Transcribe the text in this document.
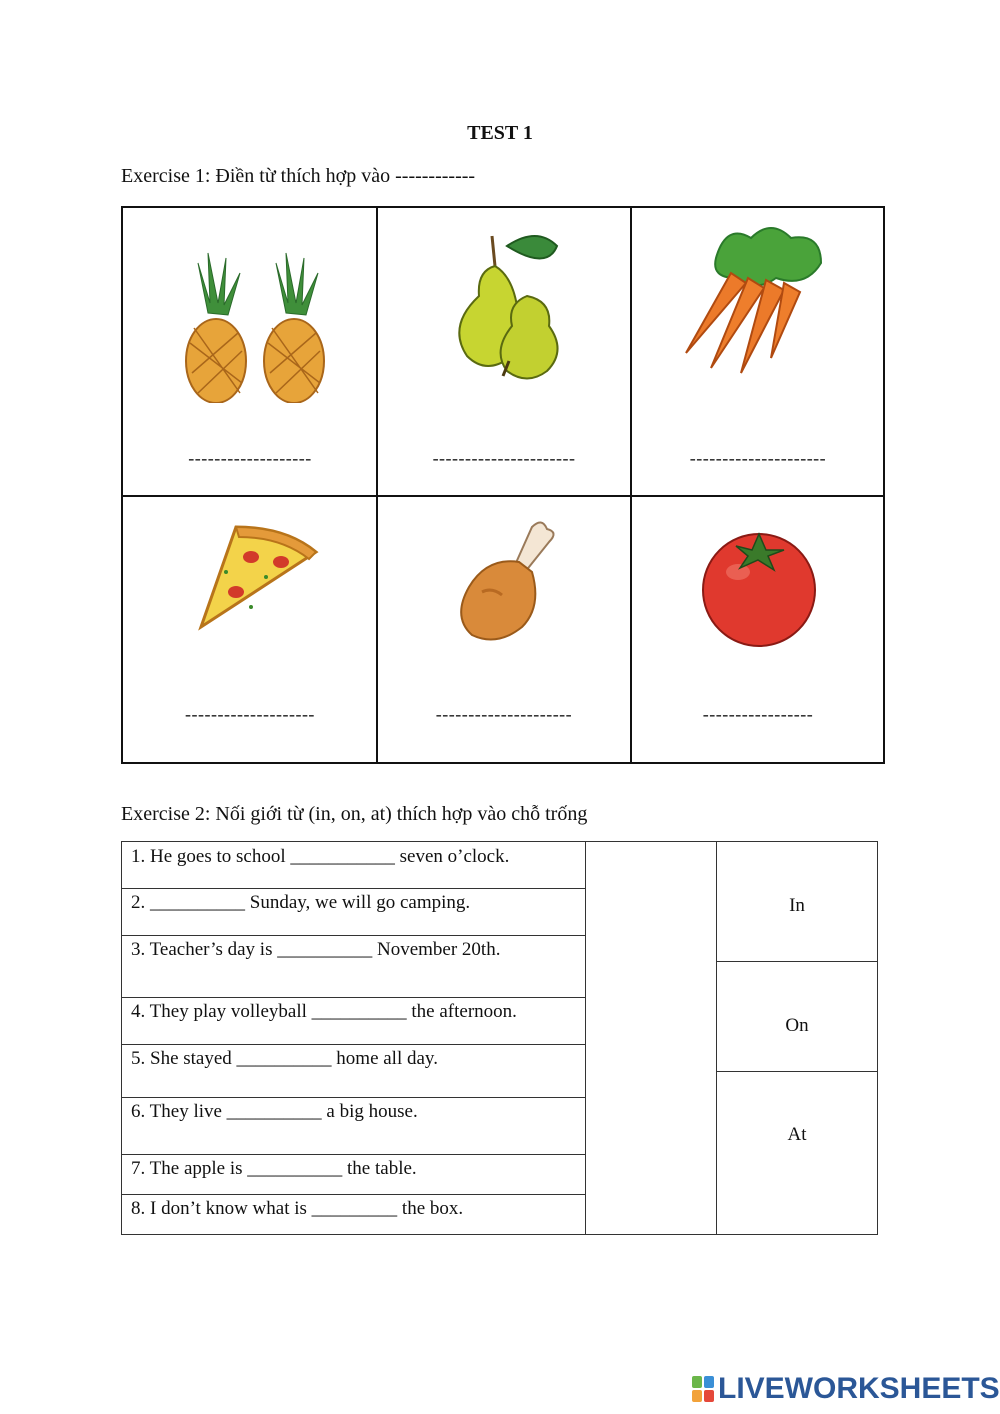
TEST 1
Exercise 1: Điền từ thích hợp vào ------------
-------------------	----------------------	---------------------
--------------------	---------------------	-----------------
Exercise 2: Nối giới từ (in, on, at) thích hợp vào chỗ trống
1. He goes to school ___________ seven o’clock.
2. __________ Sunday, we will go camping.
3. Teacher’s day is __________ November 20th.
4. They play volleyball __________ the afternoon.
5. She stayed __________ home all day.
6. They live __________ a big house.
7. The apple is __________ the table.
8. I don’t know what is _________ the box.
In
On
At
LIVEWORKSHEETS
